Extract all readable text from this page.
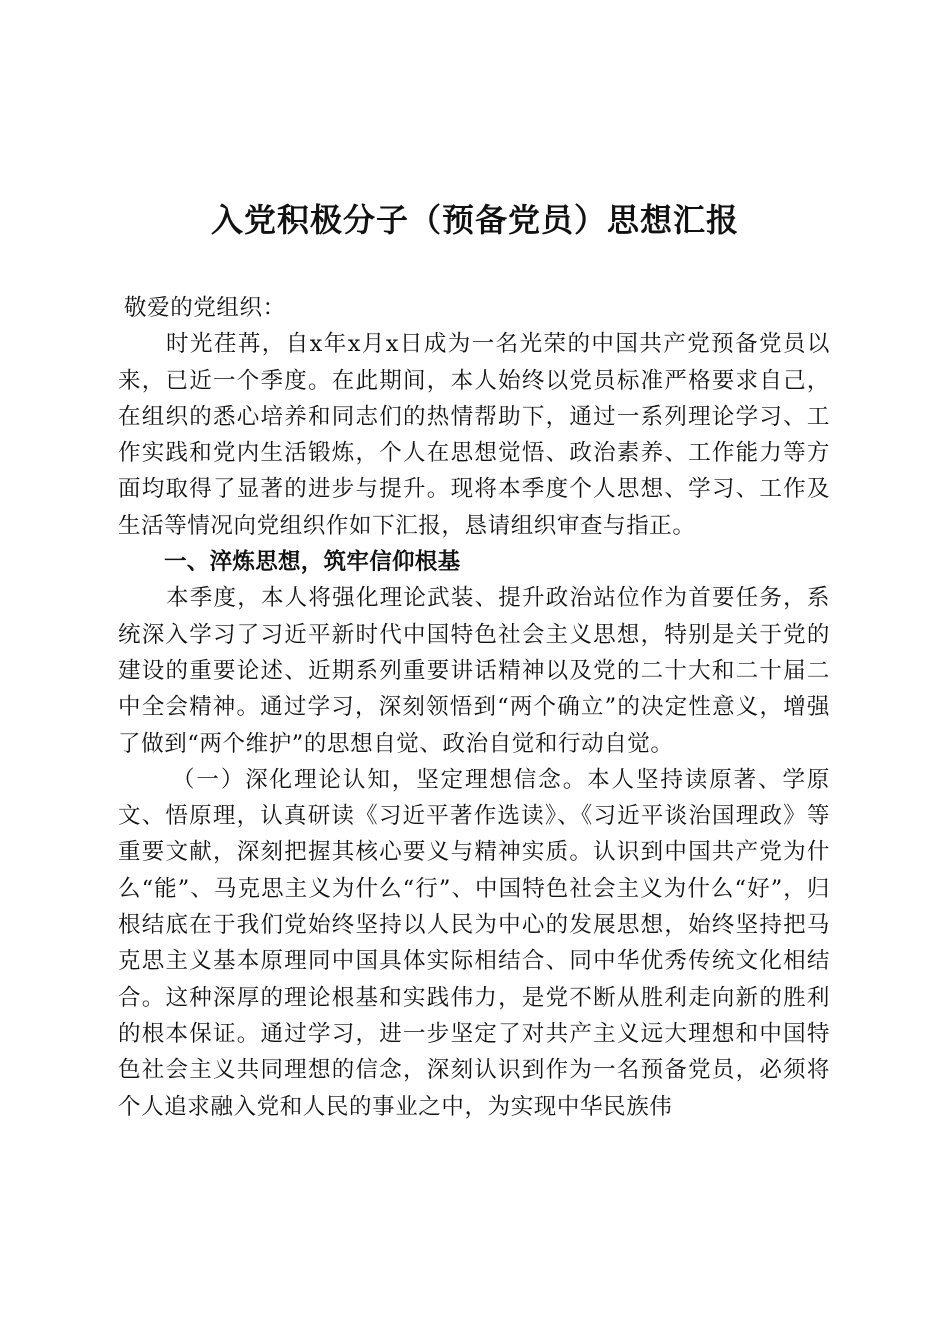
入党积极分子（预备党员）思想汇报

敬爱的党组织：

时光荏苒，自x年x月x日成为一名光荣的中国共产党预备党员以来，已近一个季度。在此期间，本人始终以党员标准严格要求自己，在组织的悉心培养和同志们的热情帮助下，通过一系列理论学习、工作实践和党内生活锻炼，个人在思想觉悟、政治素养、工作能力等方面均取得了显著的进步与提升。现将本季度个人思想、学习、工作及生活等情况向党组织作如下汇报，恳请组织审查与指正。

一、淬炼思想，筑牢信仰根基

本季度，本人将强化理论武装、提升政治站位作为首要任务，系统深入学习了习近平新时代中国特色社会主义思想，特别是关于党的建设的重要论述、近期系列重要讲话精神以及党的二十大和二十届二中全会精神。通过学习，深刻领悟到“两个确立”的决定性意义，增强了做到“两个维护”的思想自觉、政治自觉和行动自觉。

（一）深化理论认知，坚定理想信念。本人坚持读原著、学原文、悟原理，认真研读《习近平著作选读》、《习近平谈治国理政》等重要文献，深刻把握其核心要义与精神实质。认识到中国共产党为什么“能”、马克思主义为什么“行”、中国特色社会主义为什么“好”，归根结底在于我们党始终坚持以人民为中心的发展思想，始终坚持把马克思主义基本原理同中国具体实际相结合、同中华优秀传统文化相结合。这种深厚的理论根基和实践伟力，是党不断从胜利走向新的胜利的根本保证。通过学习，进一步坚定了对共产主义远大理想和中国特色社会主义共同理想的信念，深刻认识到作为一名预备党员，必须将个人追求融入党和人民的事业之中，为实现中华民族伟
